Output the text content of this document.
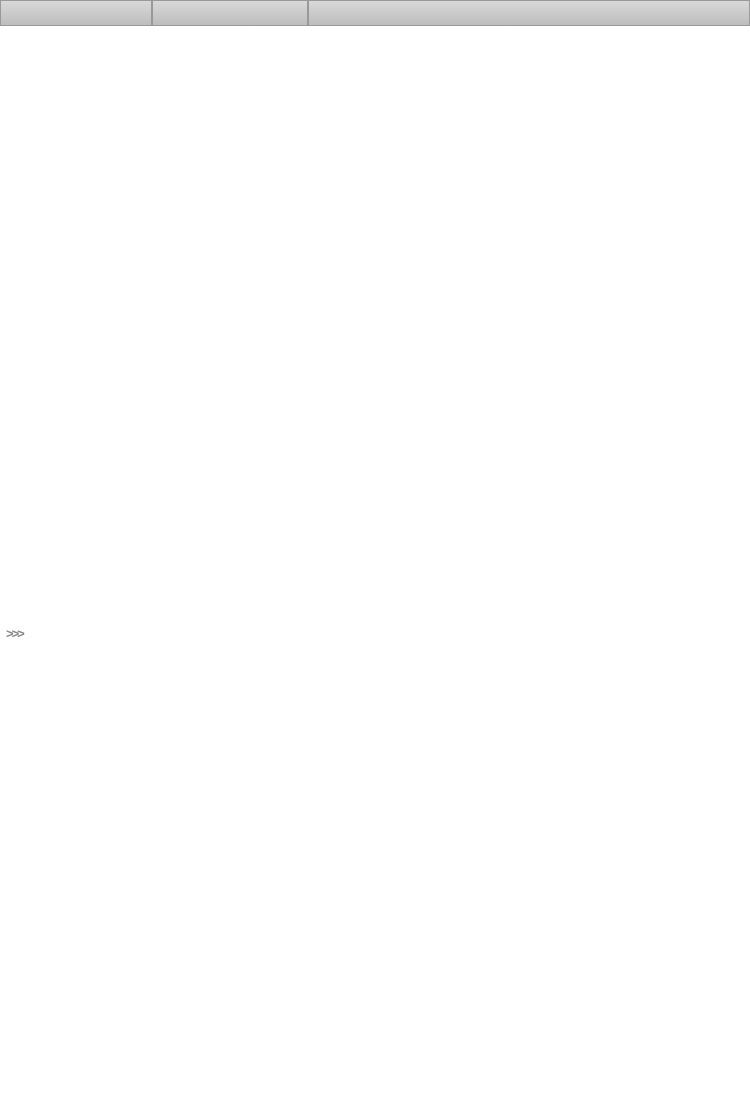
>>>
